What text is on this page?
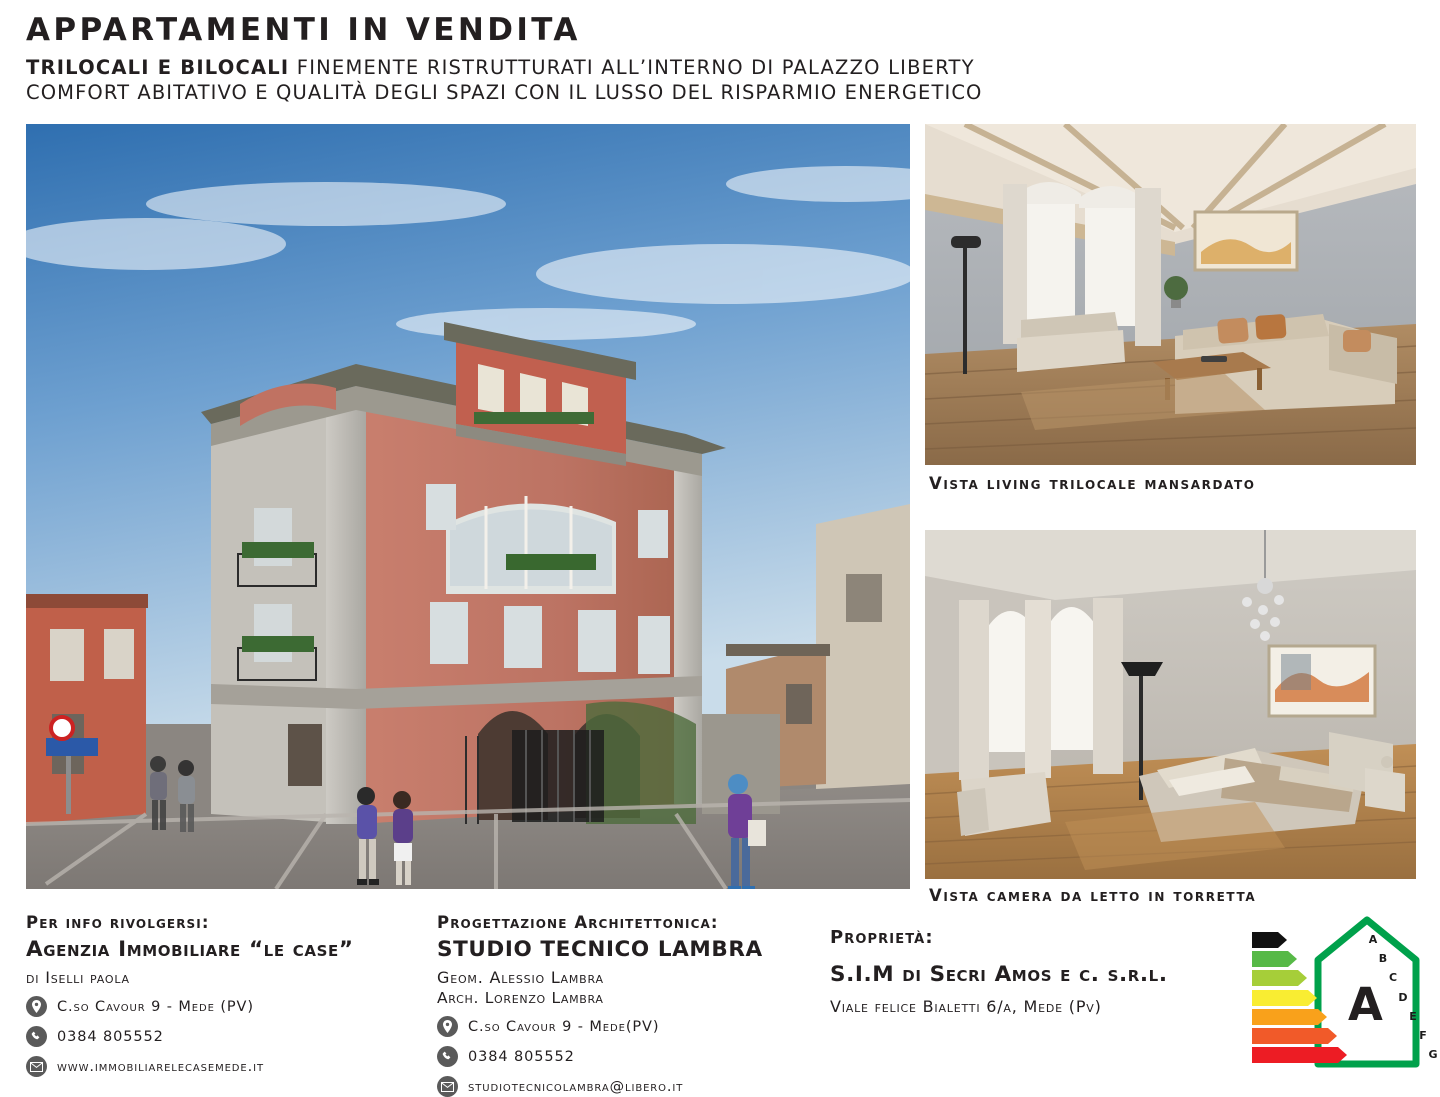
APPARTAMENTI IN VENDITA
TRILOCALI E BILOCALI FINEMENTE RISTRUTTURATI ALL’INTERNO DI PALAZZO LIBERTY
COMFORT ABITATIVO E QUALITÀ DEGLI SPAZI CON IL LUSSO DEL RISPARMIO ENERGETICO
Vista living trilocale mansardato
Vista camera da letto in torretta
Per info rivolgersi:
Agenzia Immobiliare “le case”
di Iselli paola
C.so Cavour 9 - Mede (PV)
0384 805552
www.immobiliarelecasemede.it
Progettazione Architettonica:
STUDIO TECNICO LAMBRA
Geom. Alessio Lambra
Arch. Lorenzo Lambra
C.so Cavour 9 - Mede(PV)
0384 805552
studiotecnicolambra@libero.it
Proprietà:
S.I.M di Secri Amos e c. s.r.l.
Viale felice Bialetti 6/a, Mede (Pv)	A
A
B
C
D
E
F
G
